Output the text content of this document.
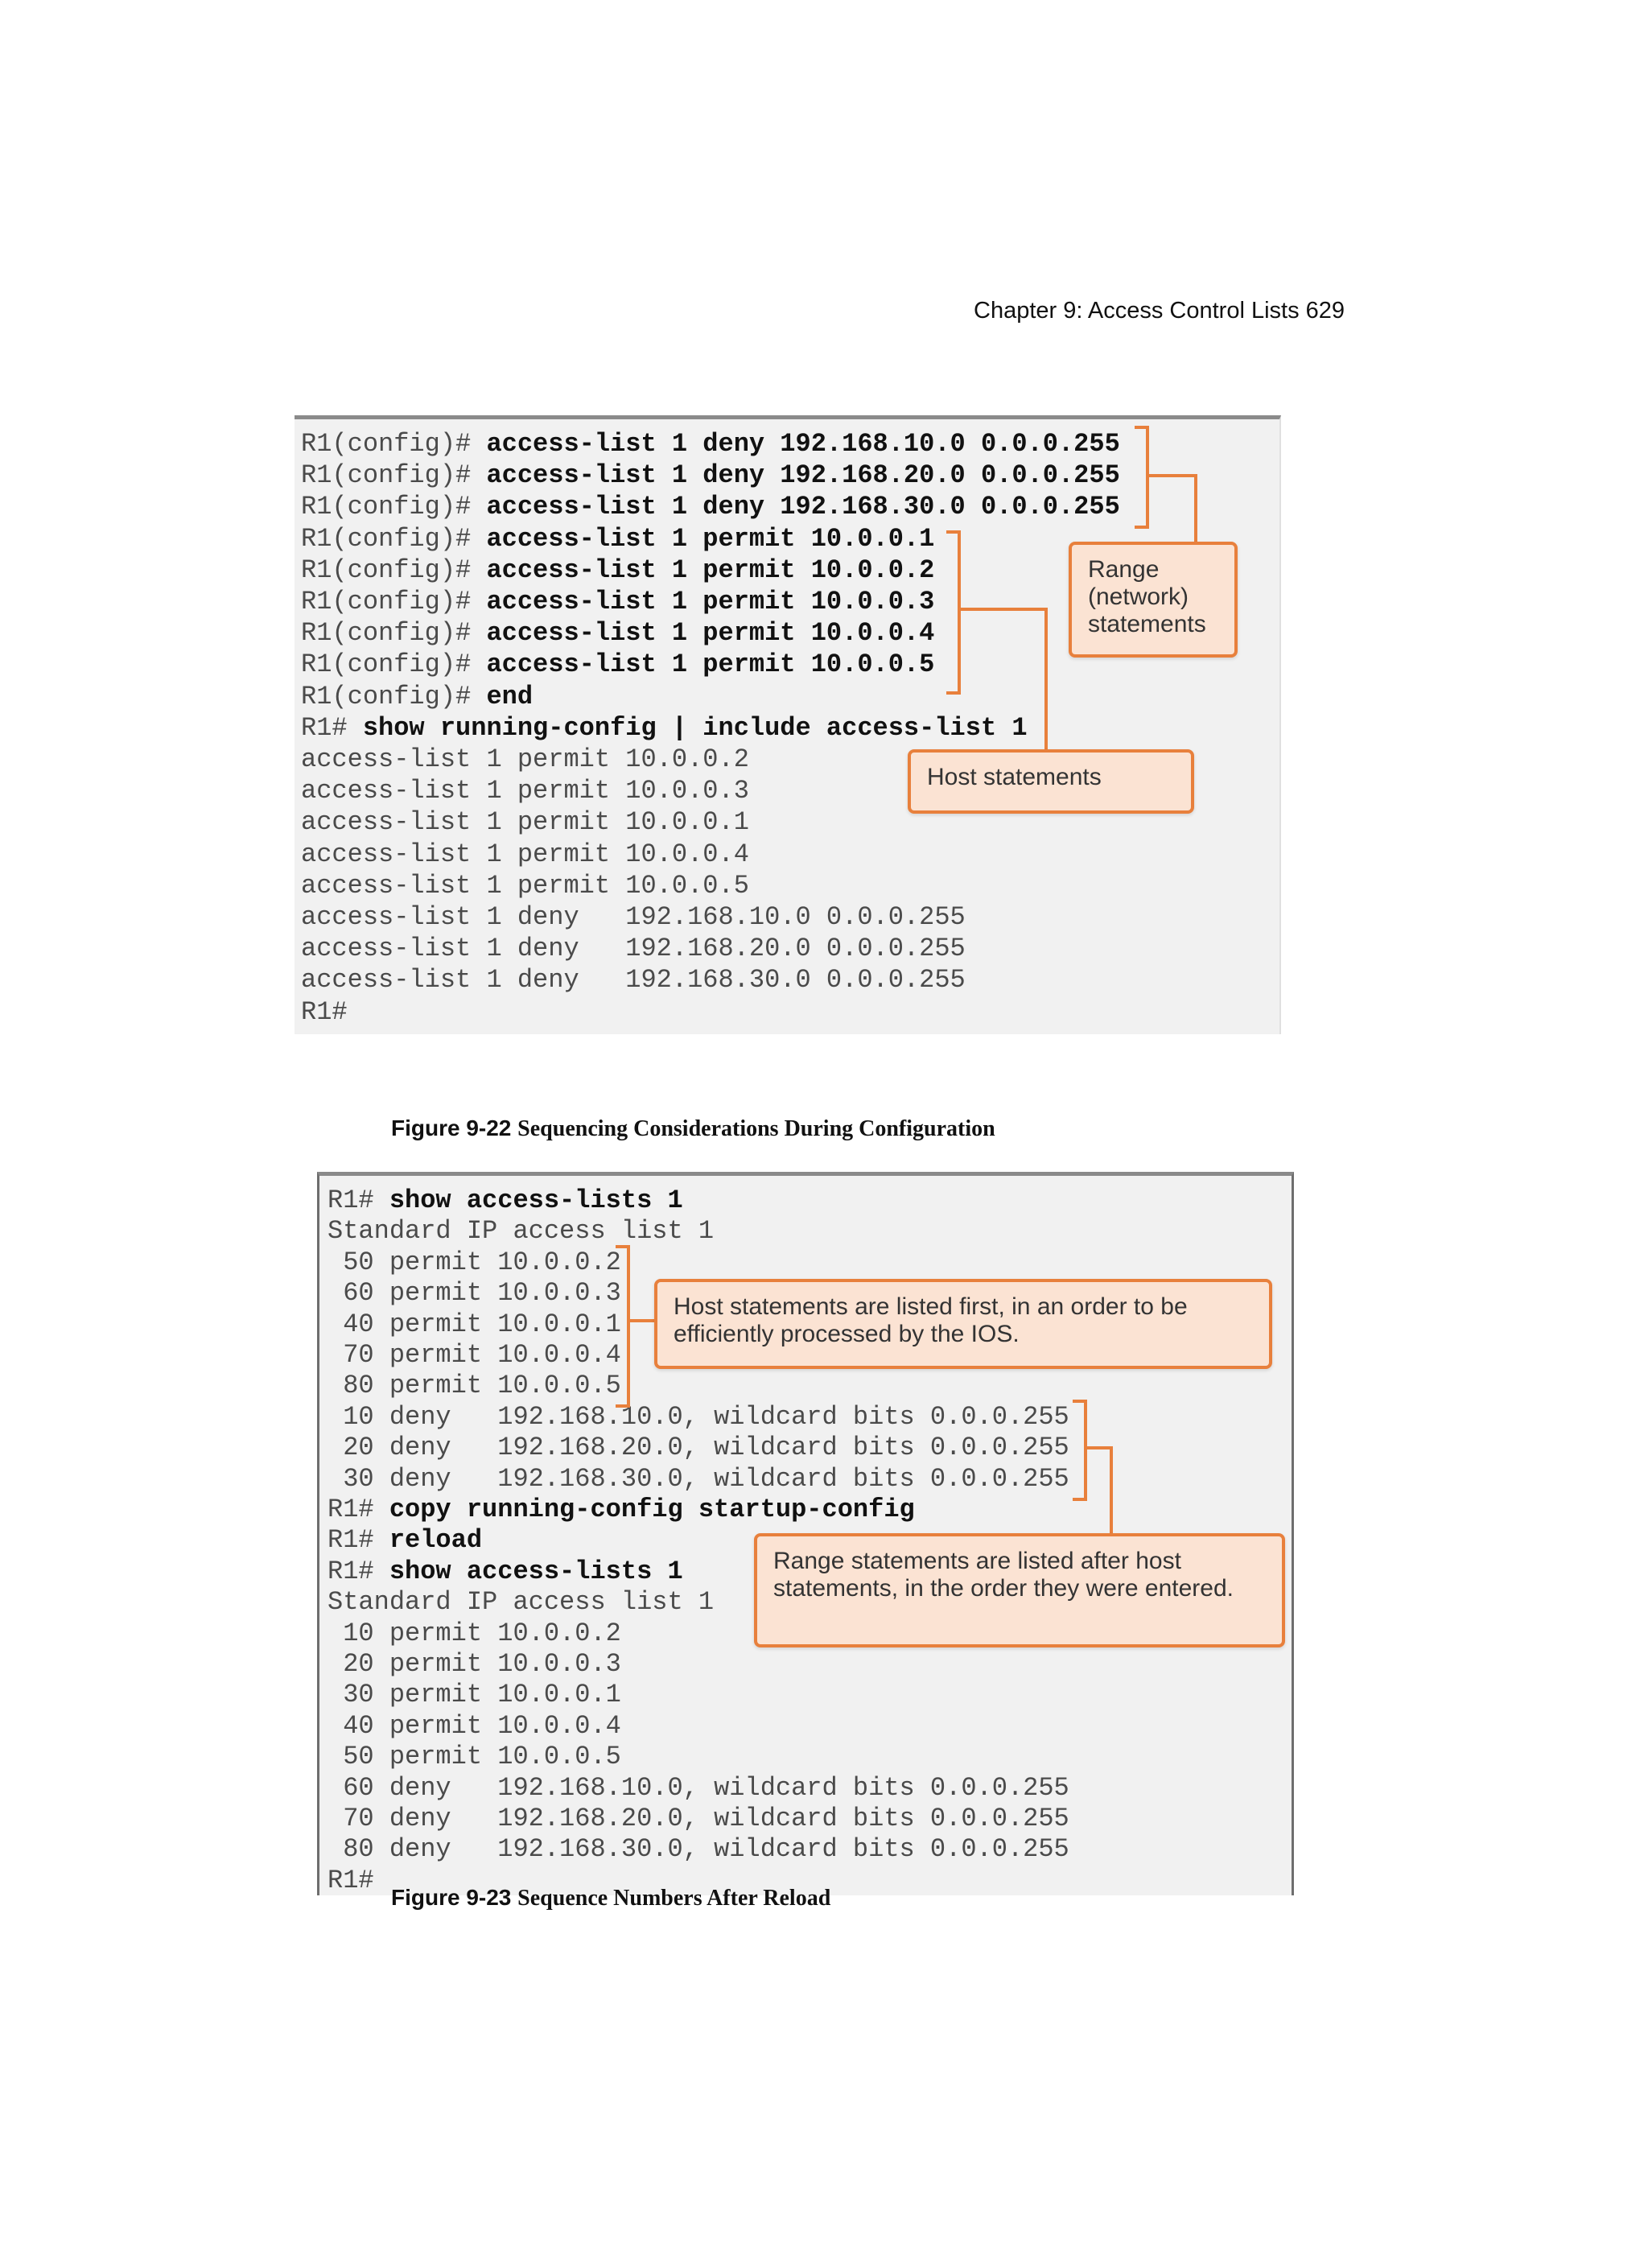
Chapter 9: Access Control Lists 629
R1(config)# access-list 1 deny 192.168.10.0 0.0.0.255
R1(config)# access-list 1 deny 192.168.20.0 0.0.0.255
R1(config)# access-list 1 deny 192.168.30.0 0.0.0.255
R1(config)# access-list 1 permit 10.0.0.1
R1(config)# access-list 1 permit 10.0.0.2
R1(config)# access-list 1 permit 10.0.0.3
R1(config)# access-list 1 permit 10.0.0.4
R1(config)# access-list 1 permit 10.0.0.5
R1(config)# end
R1# show running-config | include access-list 1
access-list 1 permit 10.0.0.2
access-list 1 permit 10.0.0.3
access-list 1 permit 10.0.0.1
access-list 1 permit 10.0.0.4
access-list 1 permit 10.0.0.5
access-list 1 deny   192.168.10.0 0.0.0.255
access-list 1 deny   192.168.20.0 0.0.0.255
access-list 1 deny   192.168.30.0 0.0.0.255
R1#
Range (network) statements
Host statements
Figure 9-22 Sequencing Considerations During Configuration
R1# show access-lists 1
Standard IP access list 1
50 permit 10.0.0.2
60 permit 10.0.0.3
40 permit 10.0.0.1
70 permit 10.0.0.4
80 permit 10.0.0.5
10 deny   192.168.10.0, wildcard bits 0.0.0.255
20 deny   192.168.20.0, wildcard bits 0.0.0.255
30 deny   192.168.30.0, wildcard bits 0.0.0.255
R1# copy running-config startup-config
R1# reload
R1# show access-lists 1
Standard IP access list 1
10 permit 10.0.0.2
20 permit 10.0.0.3
30 permit 10.0.0.1
40 permit 10.0.0.4
50 permit 10.0.0.5
60 deny   192.168.10.0, wildcard bits 0.0.0.255
70 deny   192.168.20.0, wildcard bits 0.0.0.255
80 deny   192.168.30.0, wildcard bits 0.0.0.255
R1#
Host statements are listed first, in an order to be efficiently processed by the IOS.
Range statements are listed after host statements, in the order they were entered.
Figure 9-23 Sequence Numbers After Reload
